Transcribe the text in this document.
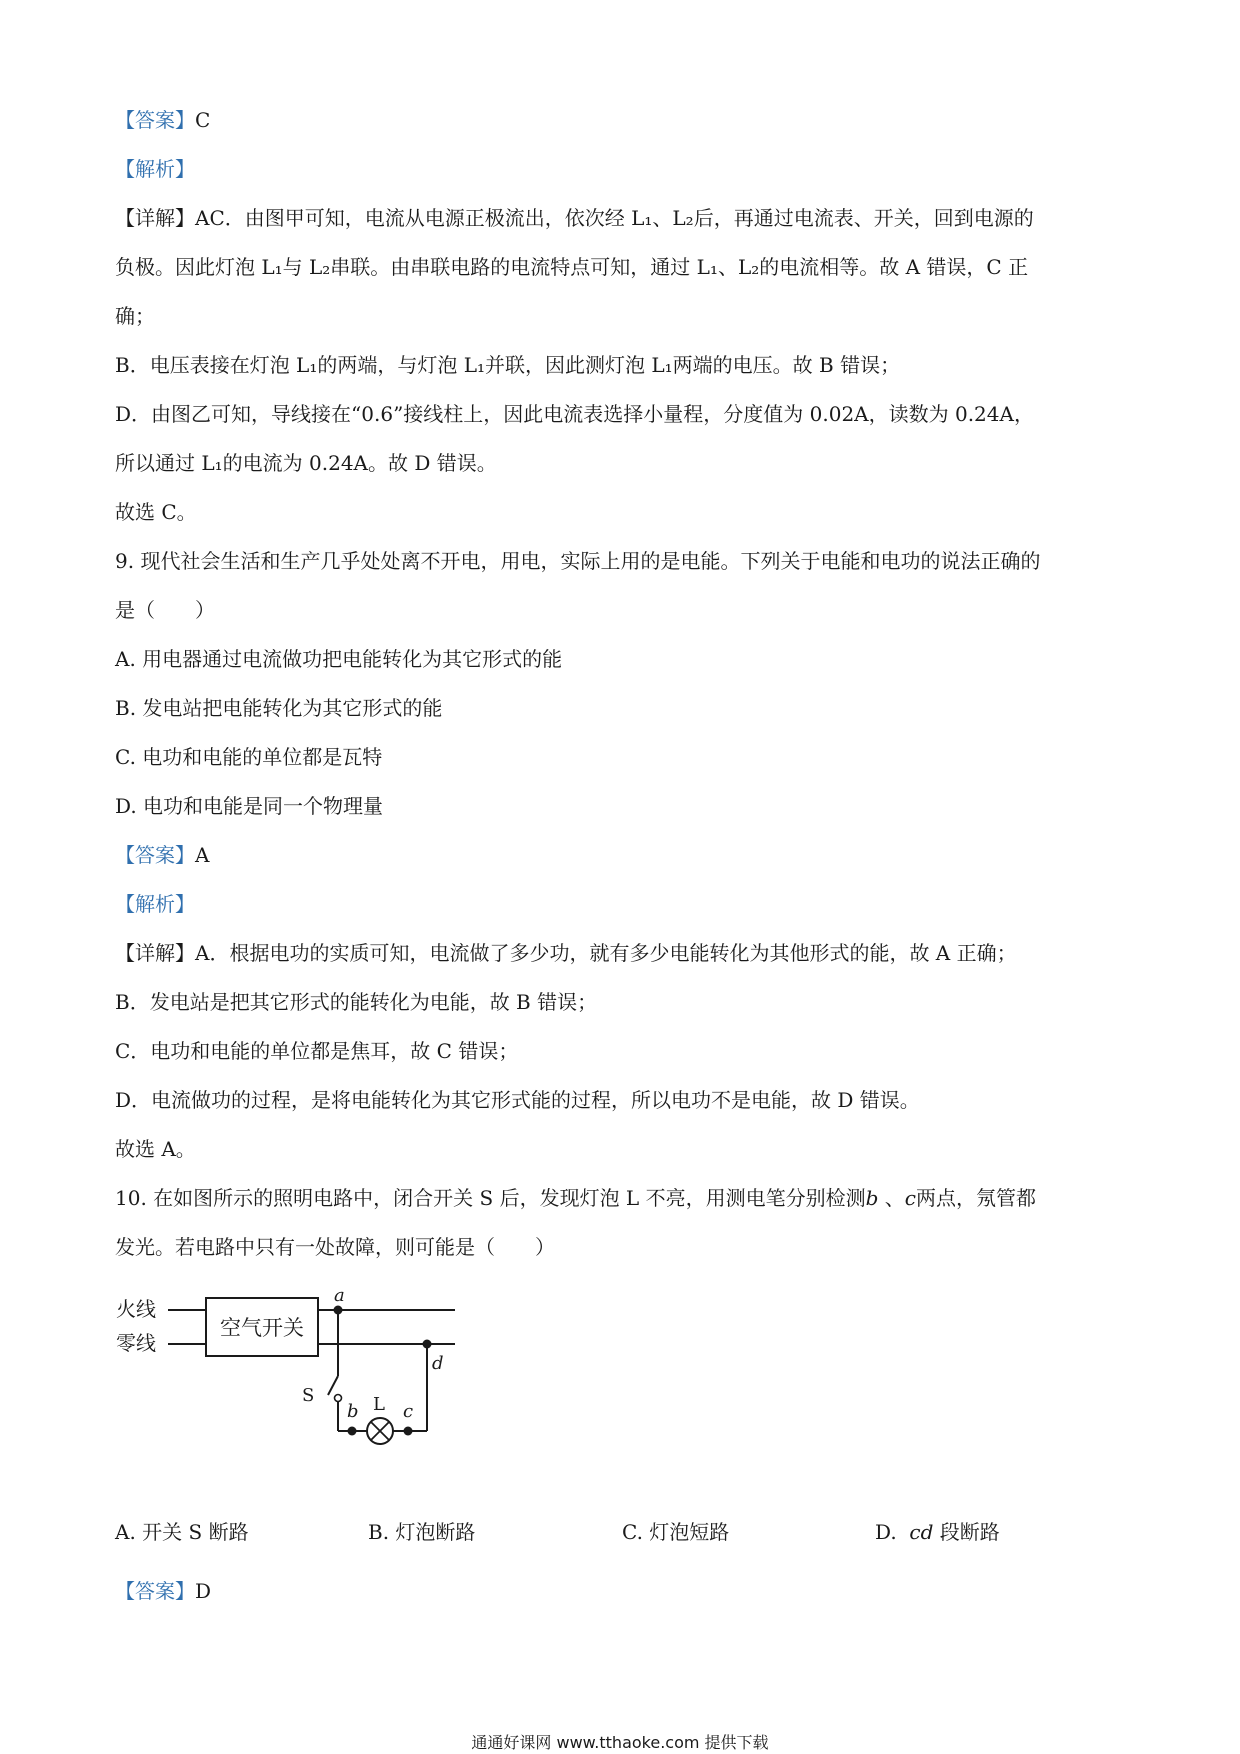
【答案】C
【解析】
【详解】AC．由图甲可知，电流从电源正极流出，依次经 L₁、L₂后，再通过电流表、开关，回到电源的
负极。因此灯泡 L₁与 L₂串联。由串联电路的电流特点可知，通过 L₁、L₂的电流相等。故 A 错误，C 正
确；
B．电压表接在灯泡 L₁的两端，与灯泡 L₁并联，因此测灯泡 L₁两端的电压。故 B 错误；
D．由图乙可知，导线接在“0.6”接线柱上，因此电流表选择小量程，分度值为 0.02A，读数为 0.24A，
所以通过 L₁的电流为 0.24A。故 D 错误。
故选 C。
9. 现代社会生活和生产几乎处处离不开电，用电，实际上用的是电能。下列关于电能和电功的说法正确的
是（　　）
A. 用电器通过电流做功把电能转化为其它形式的能
B. 发电站把电能转化为其它形式的能
C. 电功和电能的单位都是瓦特
D. 电功和电能是同一个物理量
【答案】A
【解析】
【详解】A．根据电功的实质可知，电流做了多少功，就有多少电能转化为其他形式的能，故 A 正确；
B．发电站是把其它形式的能转化为电能，故 B 错误；
C．电功和电能的单位都是焦耳，故 C 错误；
D．电流做功的过程，是将电能转化为其它形式能的过程，所以电功不是电能，故 D 错误。
故选 A。
10. 在如图所示的照明电路中，闭合开关 S 后，发现灯泡 L 不亮，用测电笔分别检测b 、c两点，氖管都
发光。若电路中只有一处故障，则可能是（　　）
火线
零线
空气开关
a
S
b L c
d
A. 开关 S 断路	B. 灯泡断路	C. 灯泡短路	D.  cd 段断路
【答案】D
通通好课网 www.tthaoke.com 提供下载
